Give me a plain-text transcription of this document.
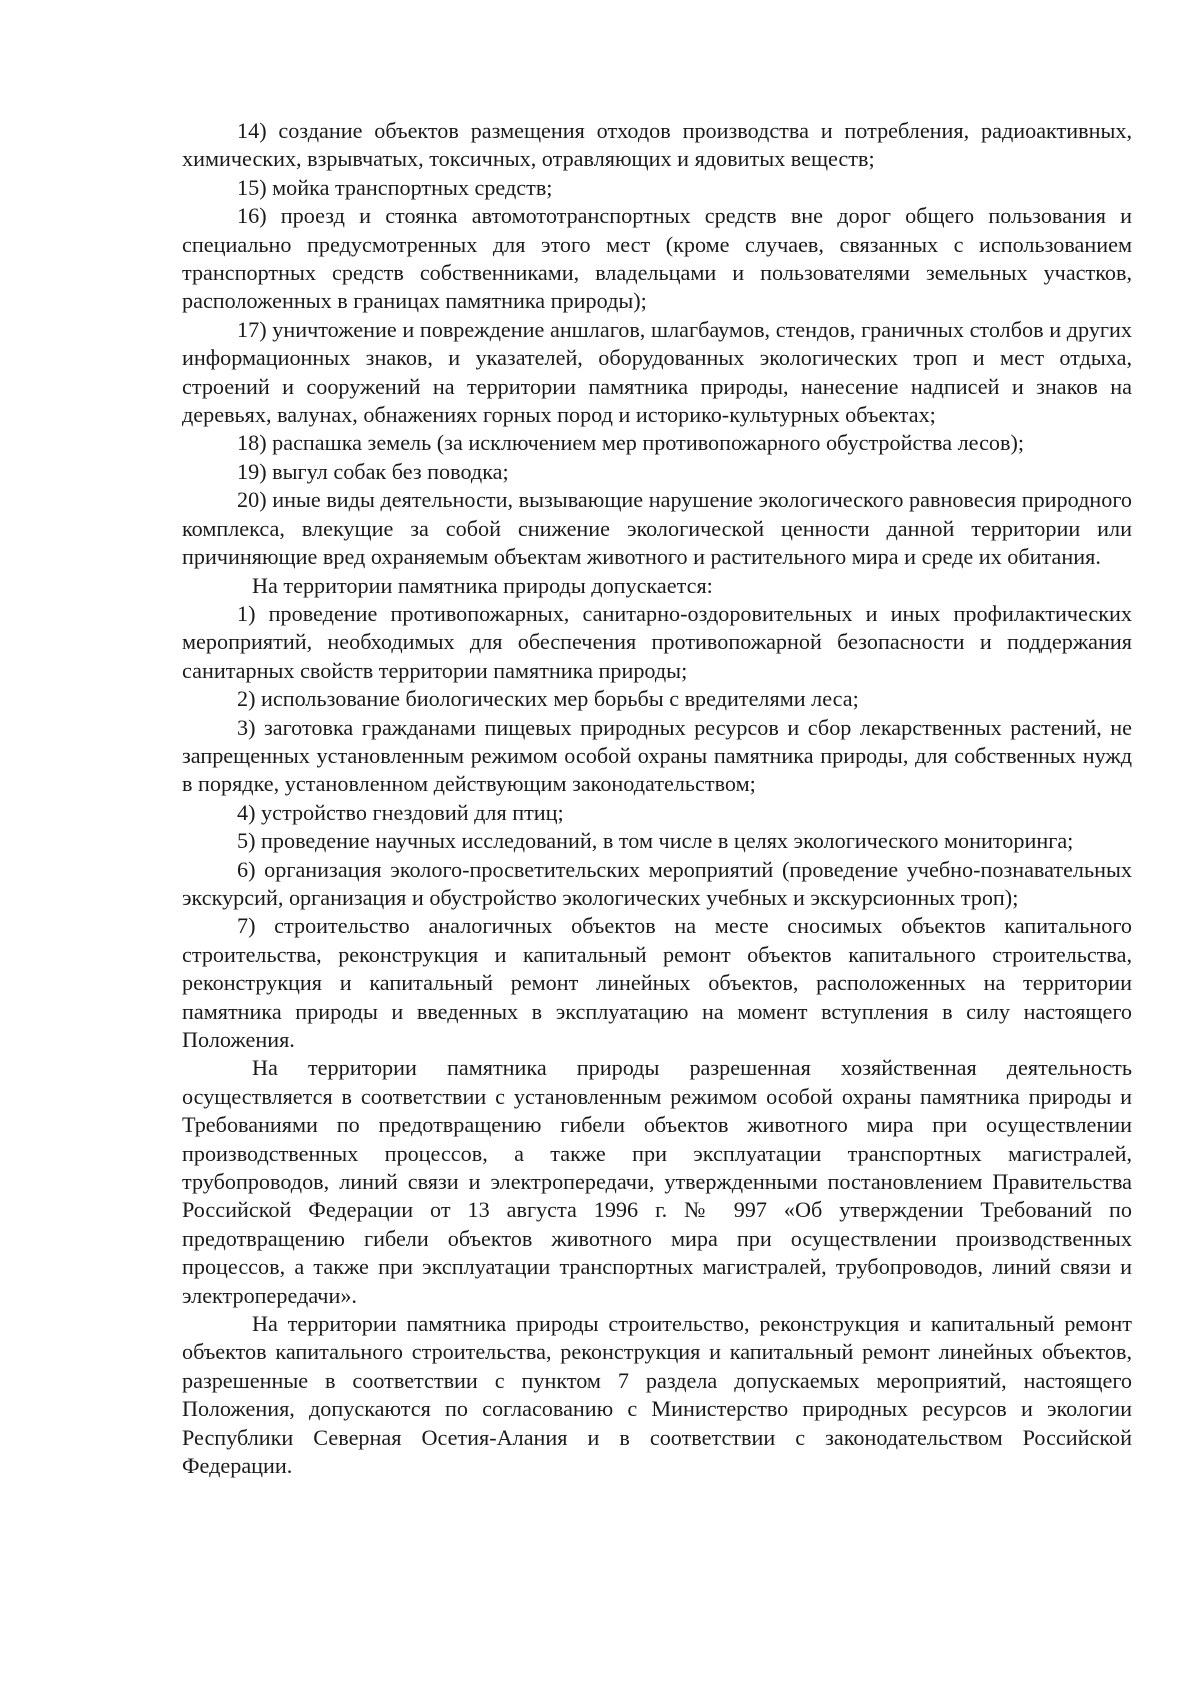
14) создание объектов размещения отходов производства и потребления, радиоактивных, химических, взрывчатых, токсичных, отравляющих и ядовитых веществ;

15) мойка транспортных средств;

16) проезд и стоянка автомототранспортных средств вне дорог общего пользования и специально предусмотренных для этого мест (кроме случаев, связанных с использованием транспортных средств собственниками, владельцами и пользователями земельных участков, расположенных в границах памятника природы);

17) уничтожение и повреждение аншлагов, шлагбаумов, стендов, граничных столбов и других информационных знаков, и указателей, оборудованных экологических троп и мест отдыха, строений и сооружений на территории памятника природы, нанесение надписей и знаков на деревьях, валунах, обнажениях горных пород и историко-культурных объектах;

18) распашка земель (за исключением мер противопожарного обустройства лесов);

19) выгул собак без поводка;

20) иные виды деятельности, вызывающие нарушение экологического равновесия природного комплекса, влекущие за собой снижение экологической ценности данной территории или причиняющие вред охраняемым объектам животного и растительного мира и среде их обитания.

На территории памятника природы допускается:

1) проведение противопожарных, санитарно-оздоровительных и иных профилактических мероприятий, необходимых для обеспечения противопожарной безопасности и поддержания санитарных свойств территории памятника природы;

2) использование биологических мер борьбы с вредителями леса;

3) заготовка гражданами пищевых природных ресурсов и сбор лекарственных растений, не запрещенных установленным режимом особой охраны памятника природы, для собственных нужд в порядке, установленном действующим законодательством;

4) устройство гнездовий для птиц;

5) проведение научных исследований, в том числе в целях экологического мониторинга;

6) организация эколого-просветительских мероприятий (проведение учебно-познавательных экскурсий, организация и обустройство экологических учебных и экскурсионных троп);

7) строительство аналогичных объектов на месте сносимых объектов капитального строительства, реконструкция и капитальный ремонт объектов капитального строительства, реконструкция и капитальный ремонт линейных объектов, расположенных на территории памятника природы и введенных в эксплуатацию на момент вступления в силу настоящего Положения.

На территории памятника природы разрешенная хозяйственная деятельность осуществляется в соответствии с установленным режимом особой охраны памятника природы и Требованиями по предотвращению гибели объектов животного мира при осуществлении производственных процессов, а также при эксплуатации транспортных магистралей, трубопроводов, линий связи и электропередачи, утвержденными постановлением Правительства Российской Федерации от 13 августа 1996 г. № 997 «Об утверждении Требований по предотвращению гибели объектов животного мира при осуществлении производственных процессов, а также при эксплуатации транспортных магистралей, трубопроводов, линий связи и электропередачи».

На территории памятника природы строительство, реконструкция и капитальный ремонт объектов капитального строительства, реконструкция и капитальный ремонт линейных объектов, разрешенные в соответствии с пунктом 7 раздела допускаемых мероприятий, настоящего Положения, допускаются по согласованию с Министерство природных ресурсов и экологии Республики Северная Осетия-Алания и в соответствии с законодательством Российской Федерации.
